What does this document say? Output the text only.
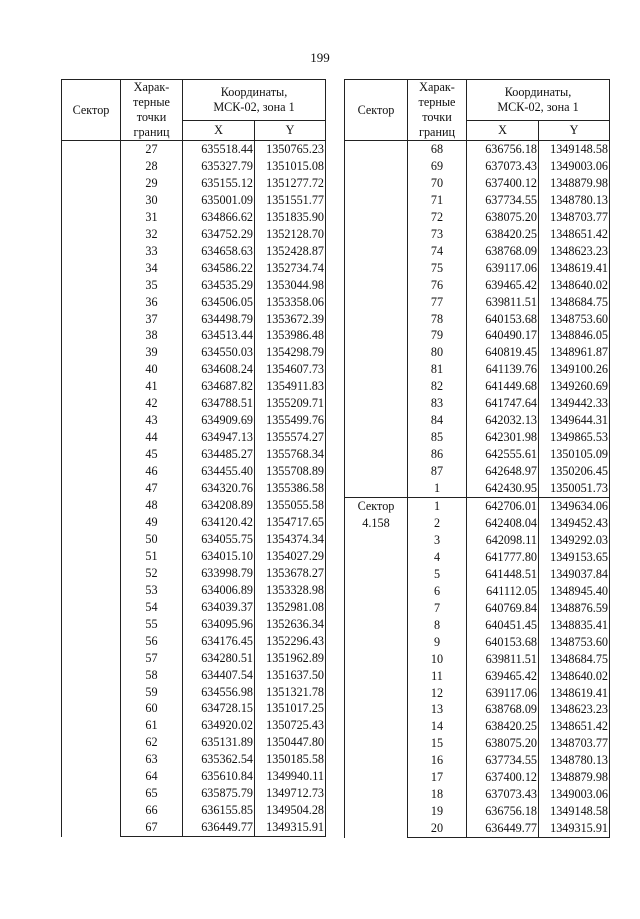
199
Сектор	Харак-
терные
точки
границ	Координаты,
МСК-02, зона 1	
		X	Y
	27	635518.44	1350765.23
	28	635327.79	1351015.08
	29	635155.12	1351277.72
	30	635001.09	1351551.77
	31	634866.62	1351835.90
	32	634752.29	1352128.70
	33	634658.63	1352428.87
	34	634586.22	1352734.74
	35	634535.29	1353044.98
	36	634506.05	1353358.06
	37	634498.79	1353672.39
	38	634513.44	1353986.48
	39	634550.03	1354298.79
	40	634608.24	1354607.73
	41	634687.82	1354911.83
	42	634788.51	1355209.71
	43	634909.69	1355499.76
	44	634947.13	1355574.27
	45	634485.27	1355768.34
	46	634455.40	1355708.89
	47	634320.76	1355386.58
	48	634208.89	1355055.58
	49	634120.42	1354717.65
	50	634055.75	1354374.34
	51	634015.10	1354027.29
	52	633998.79	1353678.27
	53	634006.89	1353328.98
	54	634039.37	1352981.08
	55	634095.96	1352636.34
	56	634176.45	1352296.43
	57	634280.51	1351962.89
	58	634407.54	1351637.50
	59	634556.98	1351321.78
	60	634728.15	1351017.25
	61	634920.02	1350725.43
	62	635131.89	1350447.80
	63	635362.54	1350185.58
	64	635610.84	1349940.11
	65	635875.79	1349712.73
	66	636155.85	1349504.28
	67	636449.77	1349315.91
Сектор	Харак-
терные
точки
границ	Координаты,
МСК-02, зона 1	
		X	Y
	68	636756.18	1349148.58
	69	637073.43	1349003.06
	70	637400.12	1348879.98
	71	637734.55	1348780.13
	72	638075.20	1348703.77
	73	638420.25	1348651.42
	74	638768.09	1348623.23
	75	639117.06	1348619.41
	76	639465.42	1348640.02
	77	639811.51	1348684.75
	78	640153.68	1348753.60
	79	640490.17	1348846.05
	80	640819.45	1348961.87
	81	641139.76	1349100.26
	82	641449.68	1349260.69
	83	641747.64	1349442.33
	84	642032.13	1349644.31
	85	642301.98	1349865.53
	86	642555.61	1350105.09
	87	642648.97	1350206.45
	1	642430.95	1350051.73
Сектор
4.158	1	642706.01	1349634.06
	2	642408.04	1349452.43
	3	642098.11	1349292.03
	4	641777.80	1349153.65
	5	641448.51	1349037.84
	6	641112.05	1348945.40
	7	640769.84	1348876.59
	8	640451.45	1348835.41
	9	640153.68	1348753.60
	10	639811.51	1348684.75
	11	639465.42	1348640.02
	12	639117.06	1348619.41
	13	638768.09	1348623.23
	14	638420.25	1348651.42
	15	638075.20	1348703.77
	16	637734.55	1348780.13
	17	637400.12	1348879.98
	18	637073.43	1349003.06
	19	636756.18	1349148.58
	20	636449.77	1349315.91
